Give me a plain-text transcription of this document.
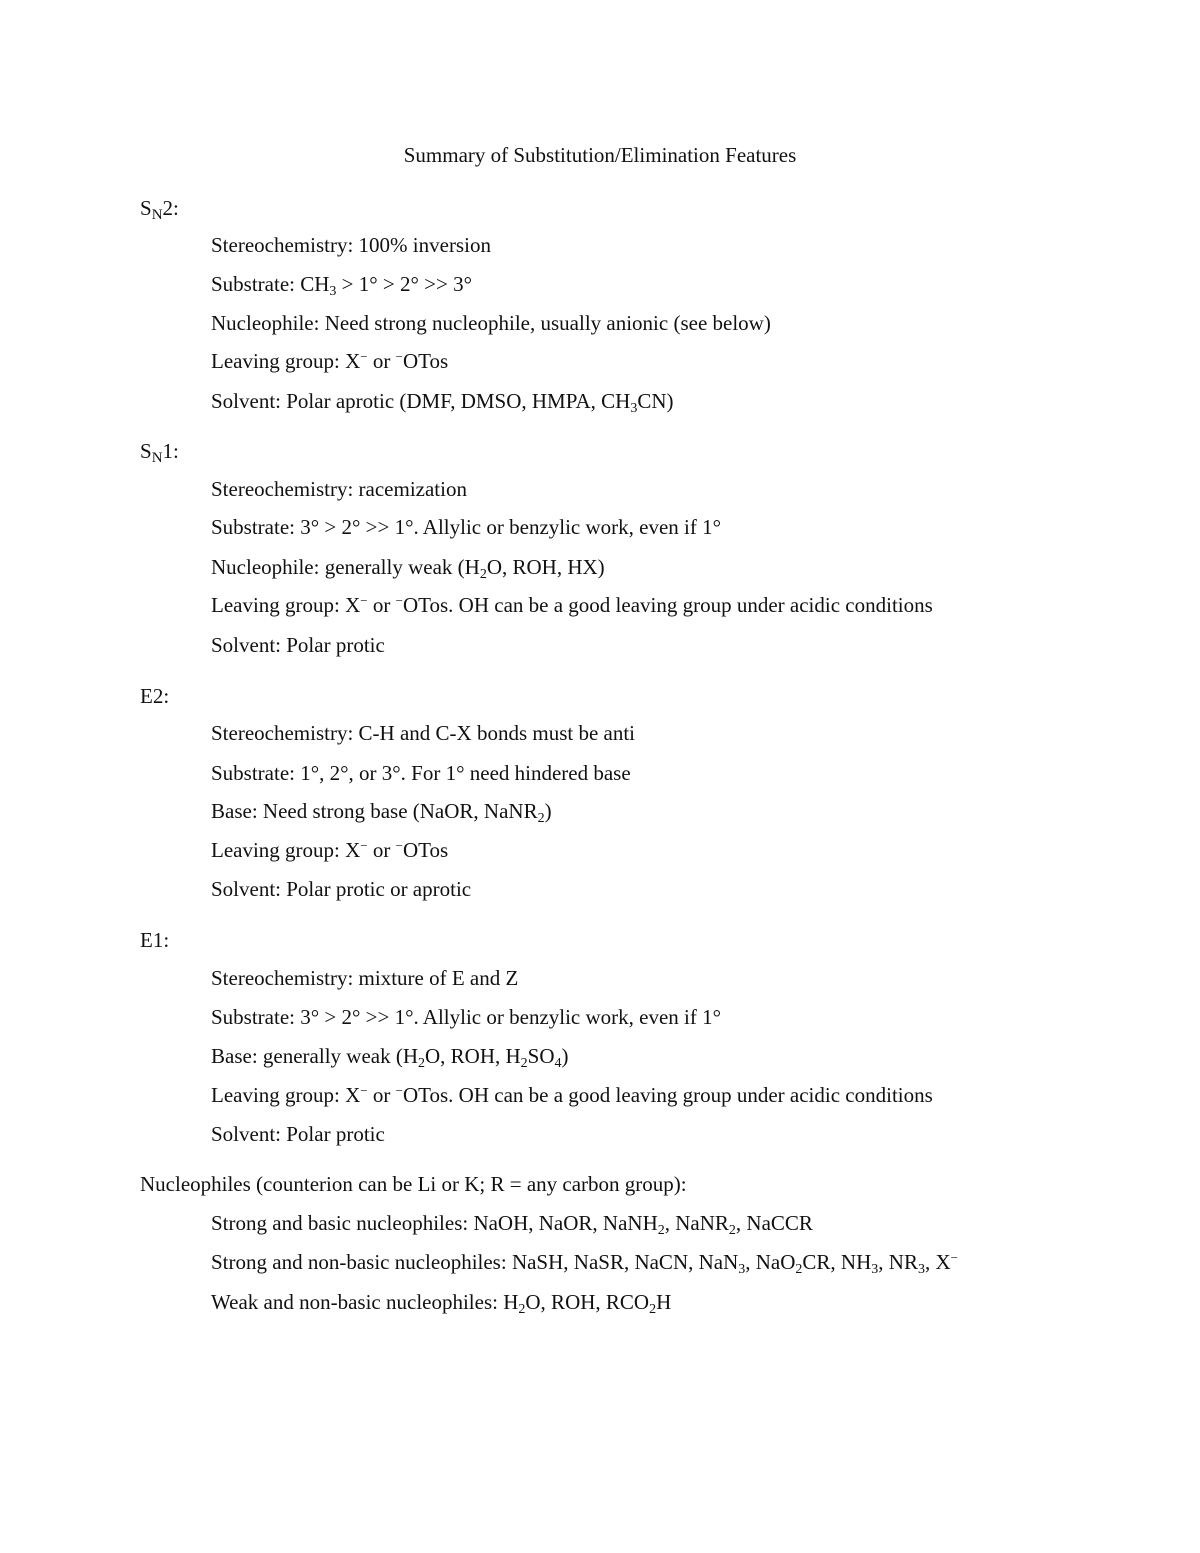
Summary of Substitution/Elimination Features
SN2:
Stereochemistry: 100% inversion
Substrate: $CH_3 > 1^\circ > 2^\circ >> 3^\circ$
Nucleophile: Need strong nucleophile, usually anionic (see below)
Leaving group: X− or −OTos
Solvent: Polar aprotic (DMF, DMSO, HMPA, $CH_3CN$)
SN1:
Stereochemistry: racemization
Substrate: 3° > 2° >> 1°. Allylic or benzylic work, even if 1°
Nucleophile: generally weak ($H_2O$, ROH, HX)
Leaving group: X− or −OTos. OH can be a good leaving group under acidic conditions
Solvent: Polar protic
E2:
Stereochemistry: C-H and C-X bonds must be anti
Substrate: 1°, 2°, or 3°. For 1° need hindered base
Base: Need strong base (NaOR, NaNR$_2$)
Leaving group: X− or −OTos
Solvent: Polar protic or aprotic
E1:
Stereochemistry: mixture of E and Z
Substrate: 3° > 2° >> 1°. Allylic or benzylic work, even if 1°
Base: generally weak ($H_2O$, ROH, $H_2SO_4$)
Leaving group: X− or −OTos. OH can be a good leaving group under acidic conditions
Solvent: Polar protic
Nucleophiles (counterion can be Li or K; R = any carbon group):
Strong and basic nucleophiles: NaOH, NaOR, NaNH$_2$, NaNR$_2$, NaCCR
Strong and non-basic nucleophiles: NaSH, NaSR, NaCN, NaN$_3$, NaO$_2$CR, $NH_3$, $NR_3$, X−
Weak and non-basic nucleophiles: $H_2O$, ROH, $RCO_2H$
